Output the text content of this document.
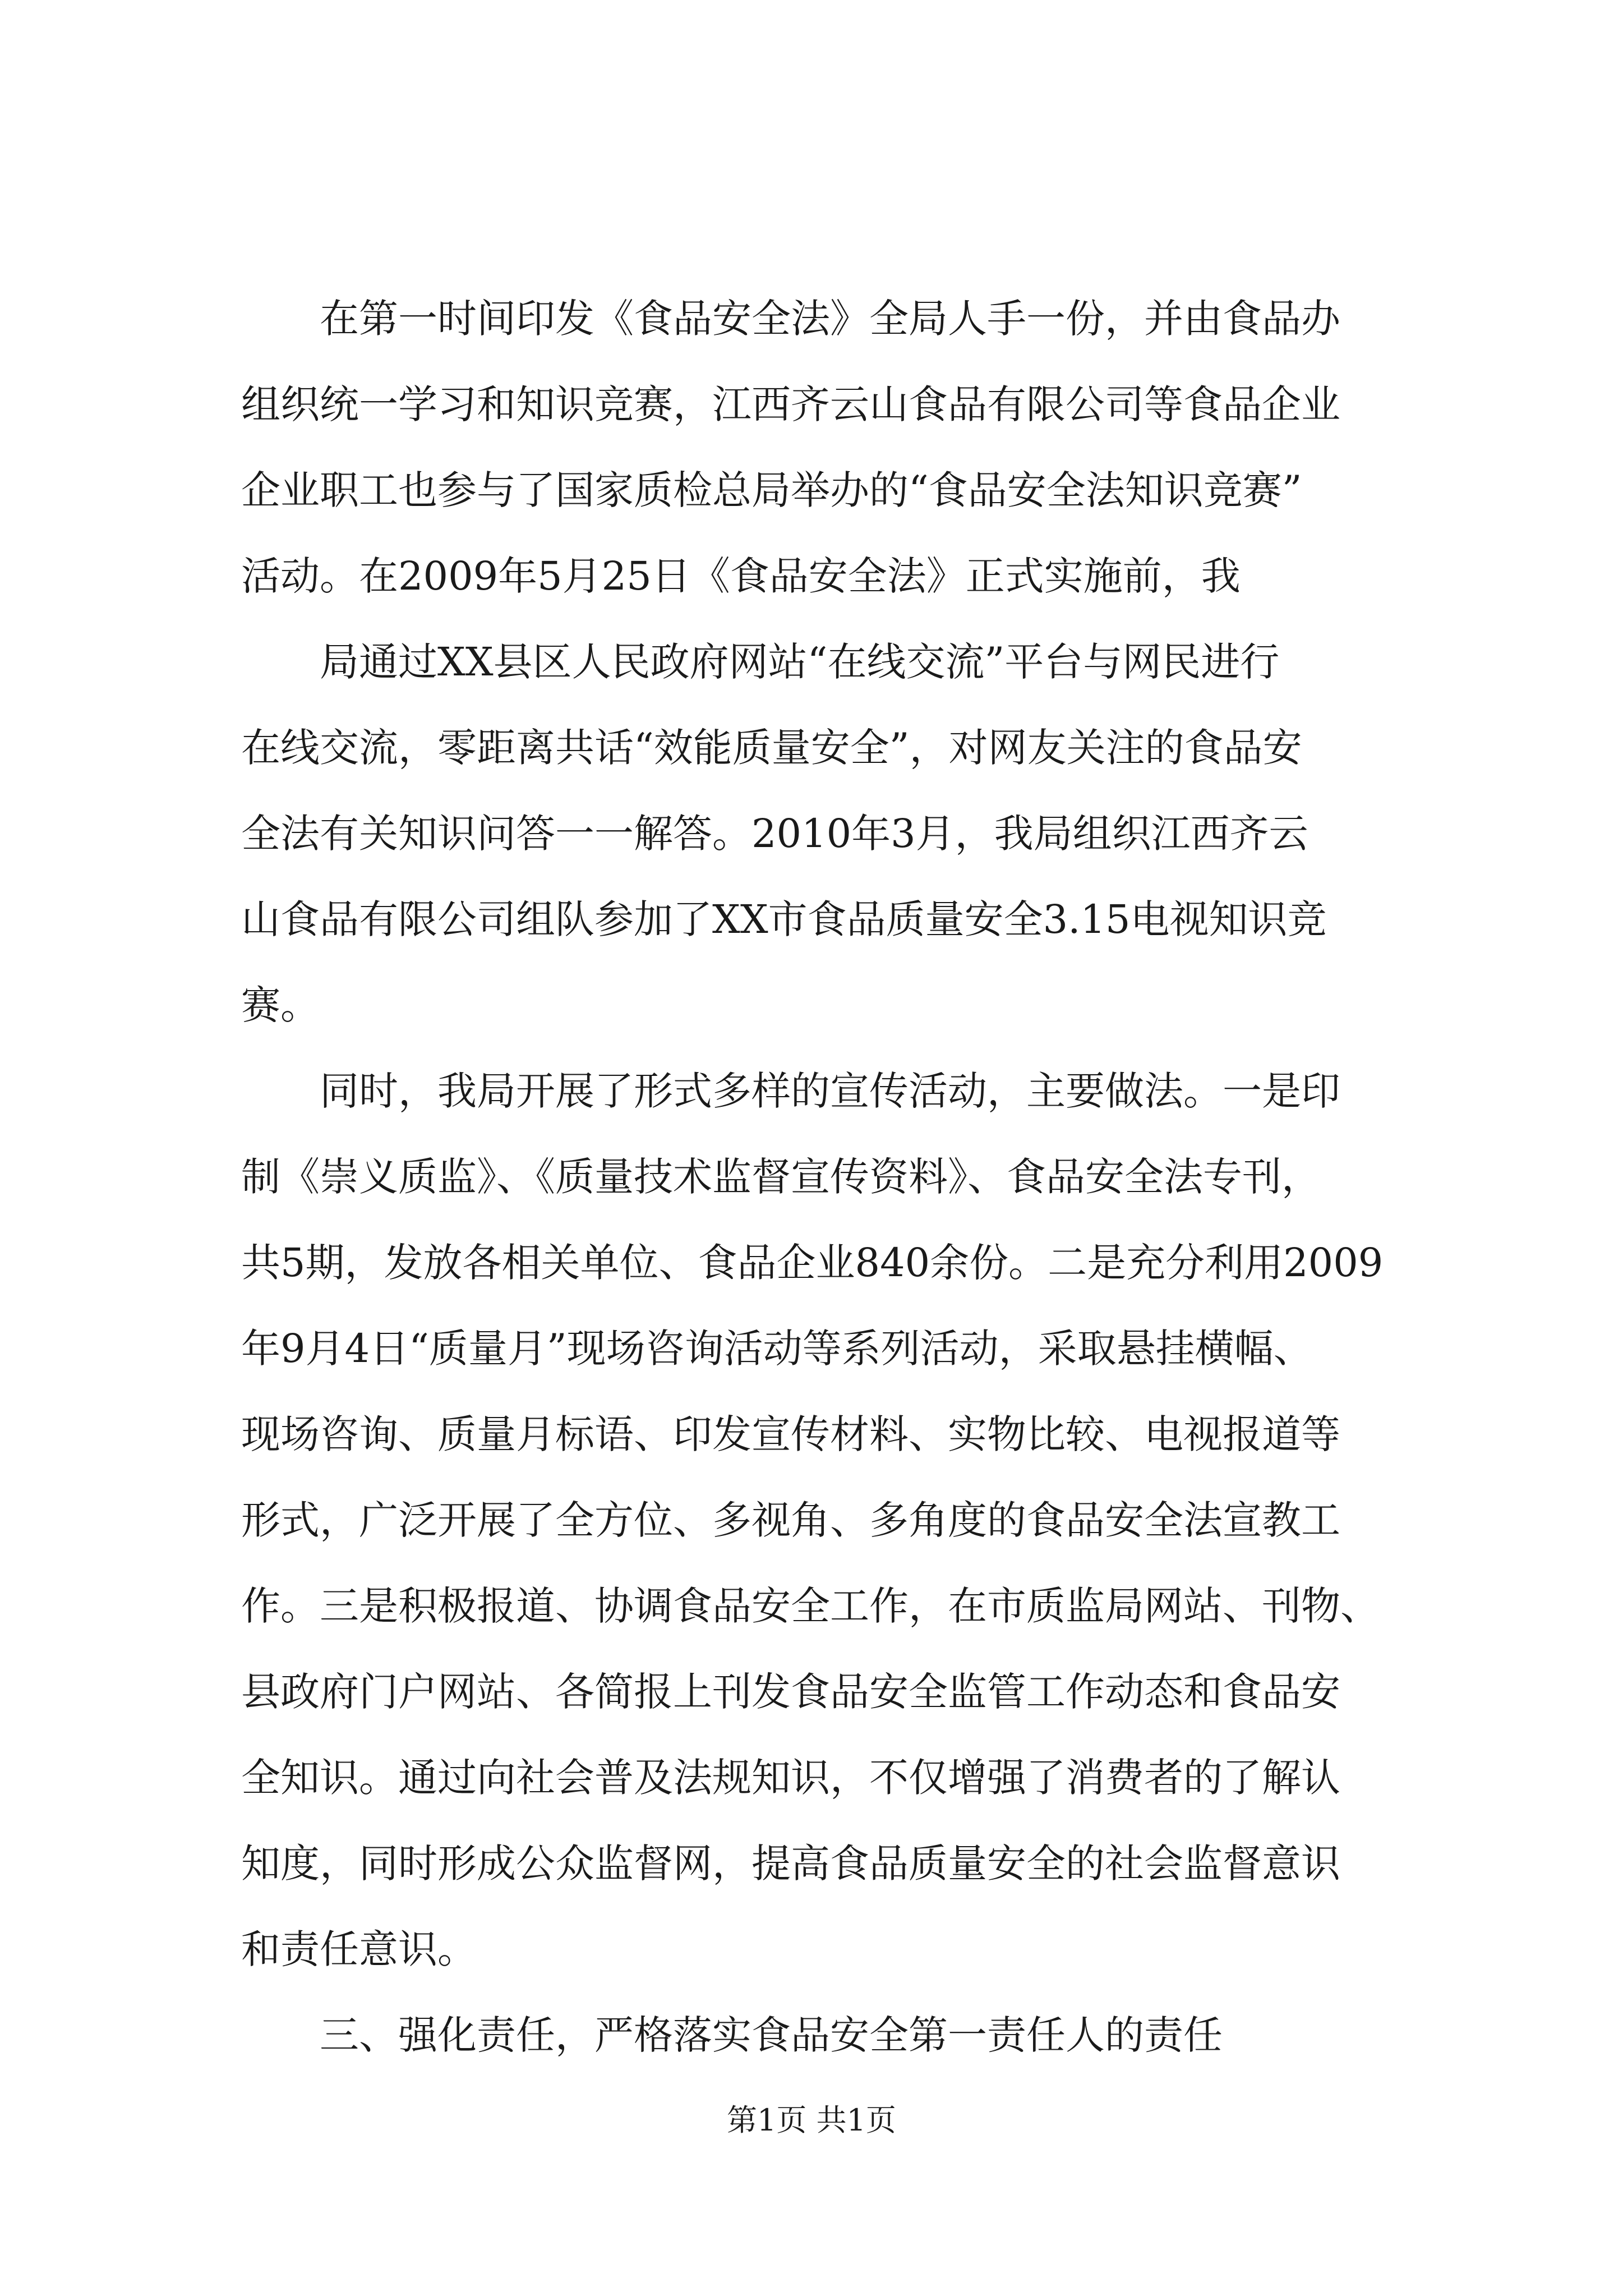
　　在第一时间印发《食品安全法》全局人手一份，并由食品办
组织统一学习和知识竞赛，江西齐云山食品有限公司等食品企业
企业职工也参与了国家质检总局举办的“食品安全法知识竞赛”
活动。在2009年5月25日《食品安全法》正式实施前，我
　　局通过XX县区人民政府网站“在线交流”平台与网民进行
在线交流，零距离共话“效能质量安全”，对网友关注的食品安
全法有关知识问答一一解答。2010年3月，我局组织江西齐云
山食品有限公司组队参加了XX市食品质量安全3.15电视知识竞
赛。
　　同时，我局开展了形式多样的宣传活动，主要做法。一是印
制《崇义质监》、《质量技术监督宣传资料》、食品安全法专刊，
共5期，发放各相关单位、食品企业840余份。二是充分利用2009
年9月4日“质量月”现场咨询活动等系列活动，采取悬挂横幅、
现场咨询、质量月标语、印发宣传材料、实物比较、电视报道等
形式，广泛开展了全方位、多视角、多角度的食品安全法宣教工
作。三是积极报道、协调食品安全工作，在市质监局网站、刊物、
县政府门户网站、各简报上刊发食品安全监管工作动态和食品安
全知识。通过向社会普及法规知识，不仅增强了消费者的了解认
知度，同时形成公众监督网，提高食品质量安全的社会监督意识
和责任意识。
　　三、强化责任，严格落实食品安全第一责任人的责任
第1页 共1页
